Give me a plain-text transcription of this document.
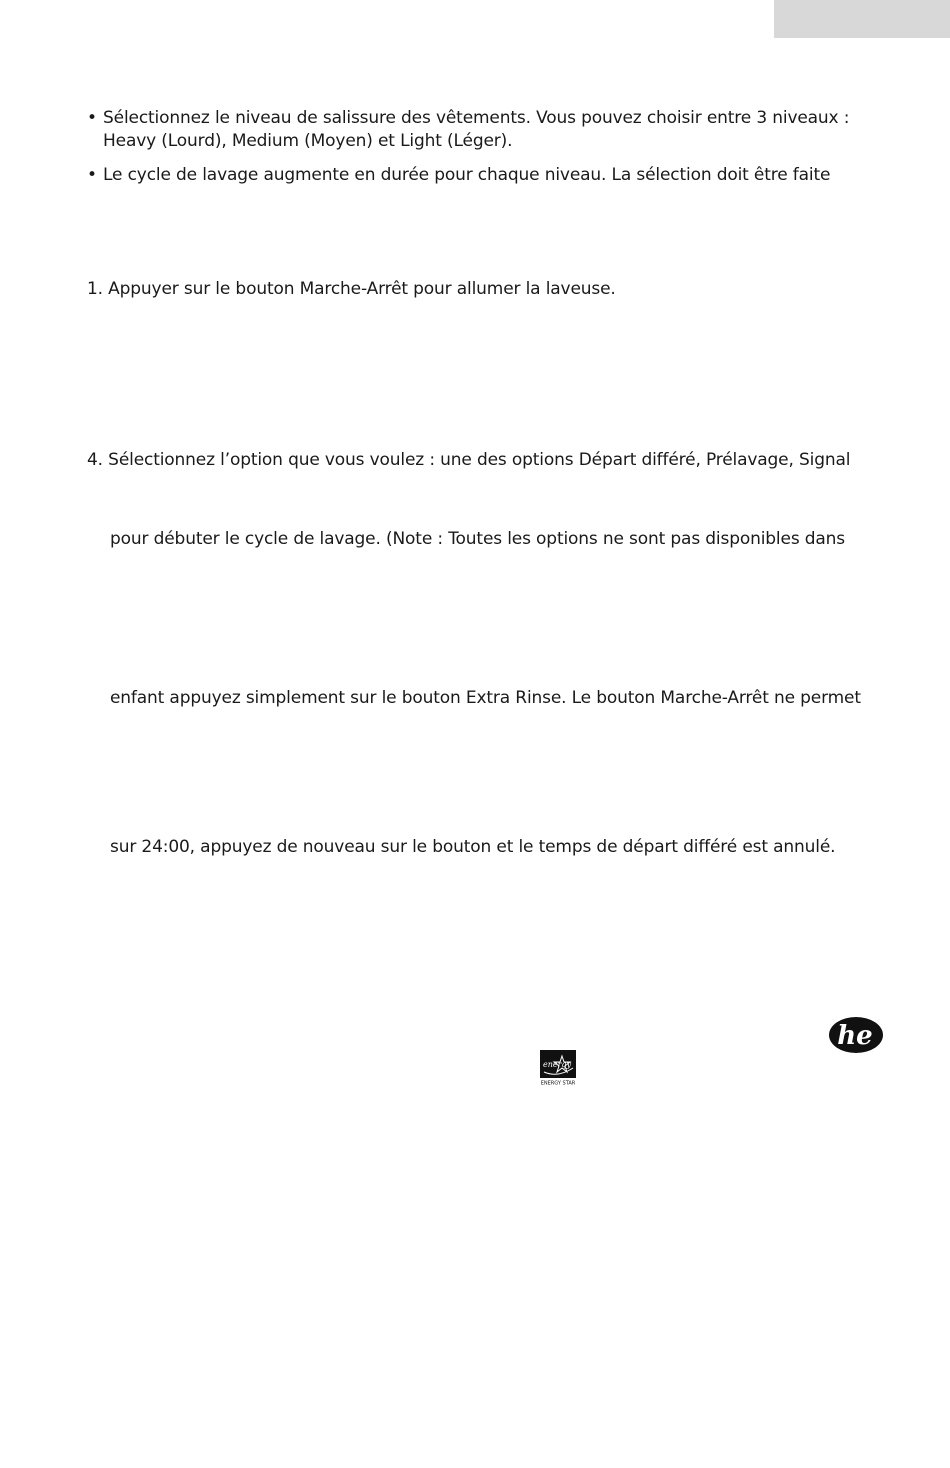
• Sélectionnez le niveau de salissure des vêtements. Vous pouvez choisir entre 3 niveaux :
Heavy (Lourd), Medium (Moyen) et Light (Léger).
• Le cycle de lavage augmente en durée pour chaque niveau. La sélection doit être faite
1. Appuyer sur le bouton Marche-Arrêt pour allumer la laveuse.
4. Sélectionnez l’option que vous voulez : une des options Départ différé, Prélavage, Signal
pour débuter le cycle de lavage. (Note : Toutes les options ne sont pas disponibles dans
enfant appuyez simplement sur le bouton Extra Rinse. Le bouton Marche-Arrêt ne permet
sur 24:00, appuyez de nouveau sur le bouton et le temps de départ différé est annulé.
energy
ENERGY STAR
he
